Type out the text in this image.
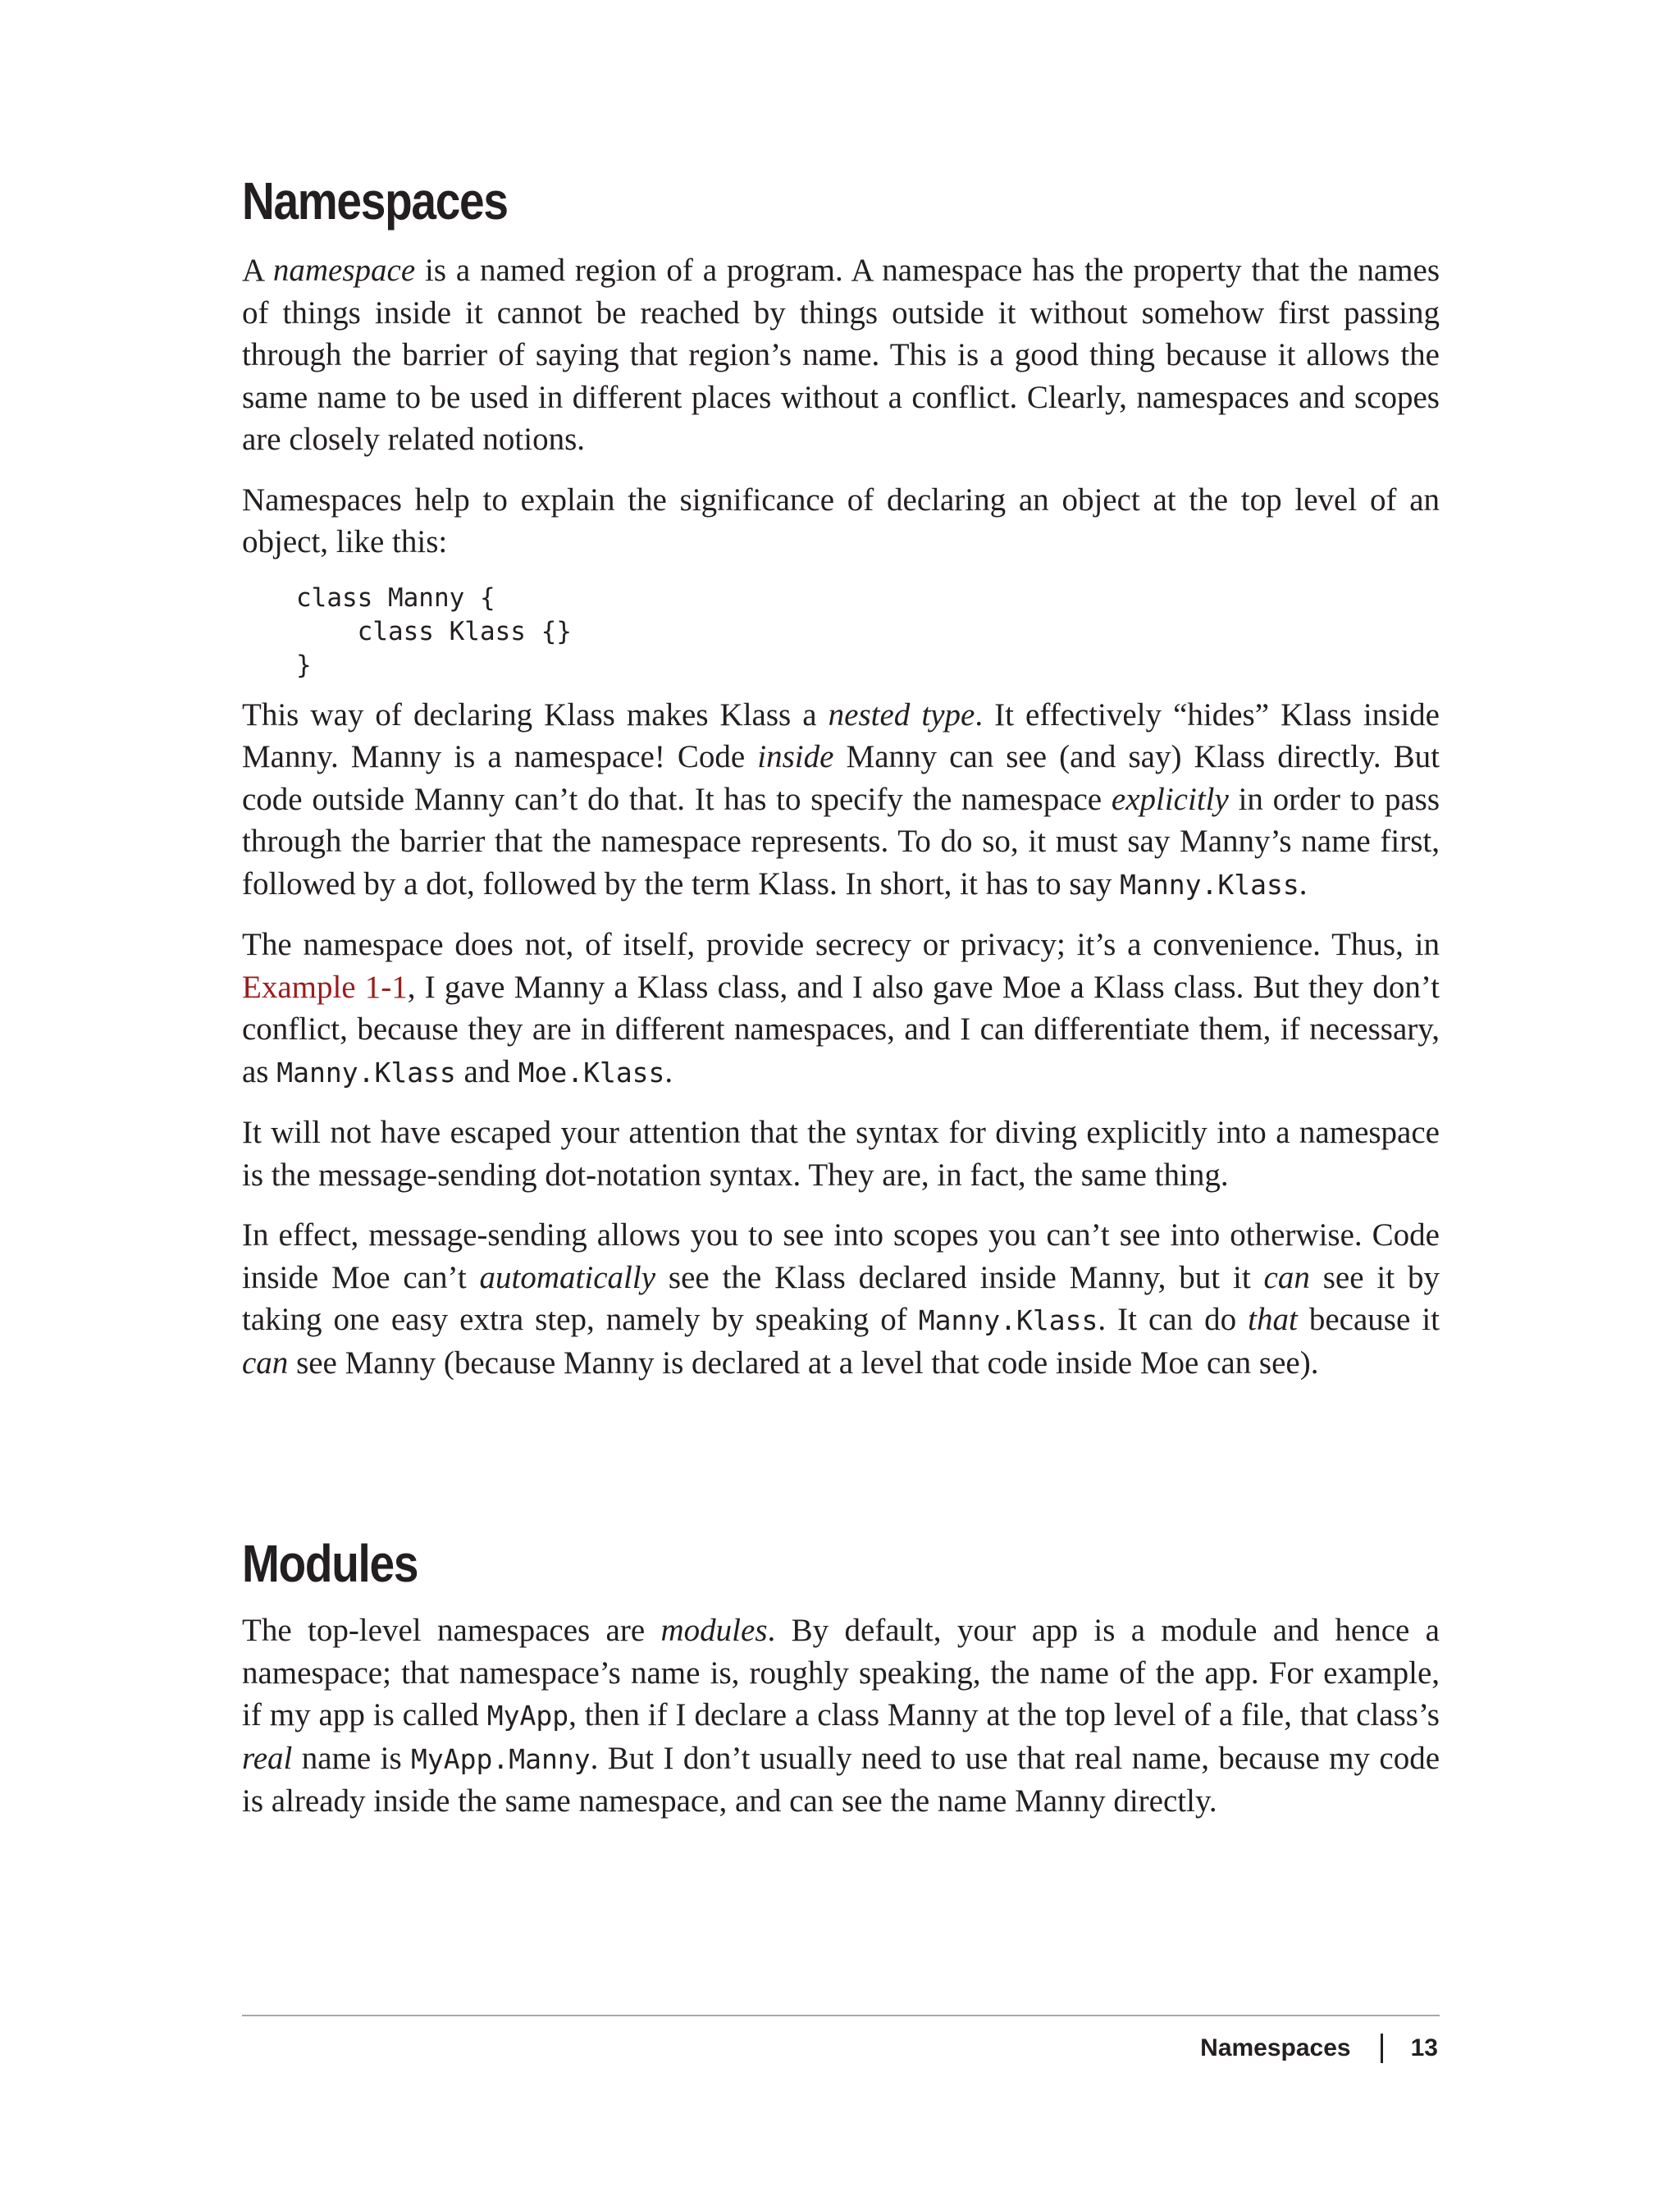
Namespaces

A namespace is a named region of a program. A namespace has the property that the names of things inside it cannot be reached by things outside it without somehow first passing through the barrier of saying that region’s name. This is a good thing because it allows the same name to be used in different places without a conflict. Clearly, namespaces and scopes are closely related notions.

Namespaces help to explain the significance of declaring an object at the top level of an object, like this:

class Manny {
class Klass {}
}

This way of declaring Klass makes Klass a nested type. It effectively “hides” Klass inside Manny. Manny is a namespace! Code inside Manny can see (and say) Klass directly. But code outside Manny can’t do that. It has to specify the namespace explicitly in order to pass through the barrier that the namespace represents. To do so, it must say Manny’s name first, followed by a dot, followed by the term Klass. In short, it has to say Manny.Klass.

The namespace does not, of itself, provide secrecy or privacy; it’s a convenience. Thus, in Example 1-1, I gave Manny a Klass class, and I also gave Moe a Klass class. But they don’t conflict, because they are in different namespaces, and I can differentiate them, if necessary, as Manny.Klass and Moe.Klass.

It will not have escaped your attention that the syntax for diving explicitly into a namespace is the message-sending dot-notation syntax. They are, in fact, the same thing.

In effect, message-sending allows you to see into scopes you can’t see into otherwise. Code inside Moe can’t automatically see the Klass declared inside Manny, but it can see it by taking one easy extra step, namely by speaking of Manny.Klass. It can do that because it can see Manny (because Manny is declared at a level that code inside Moe can see).

Modules

The top-level namespaces are modules. By default, your app is a module and hence a namespace; that namespace’s name is, roughly speaking, the name of the app. For example, if my app is called MyApp, then if I declare a class Manny at the top level of a file, that class’s real name is MyApp.Manny. But I don’t usually need to use that real name, because my code is already inside the same namespace, and can see the name Manny directly.

Namespaces 13
